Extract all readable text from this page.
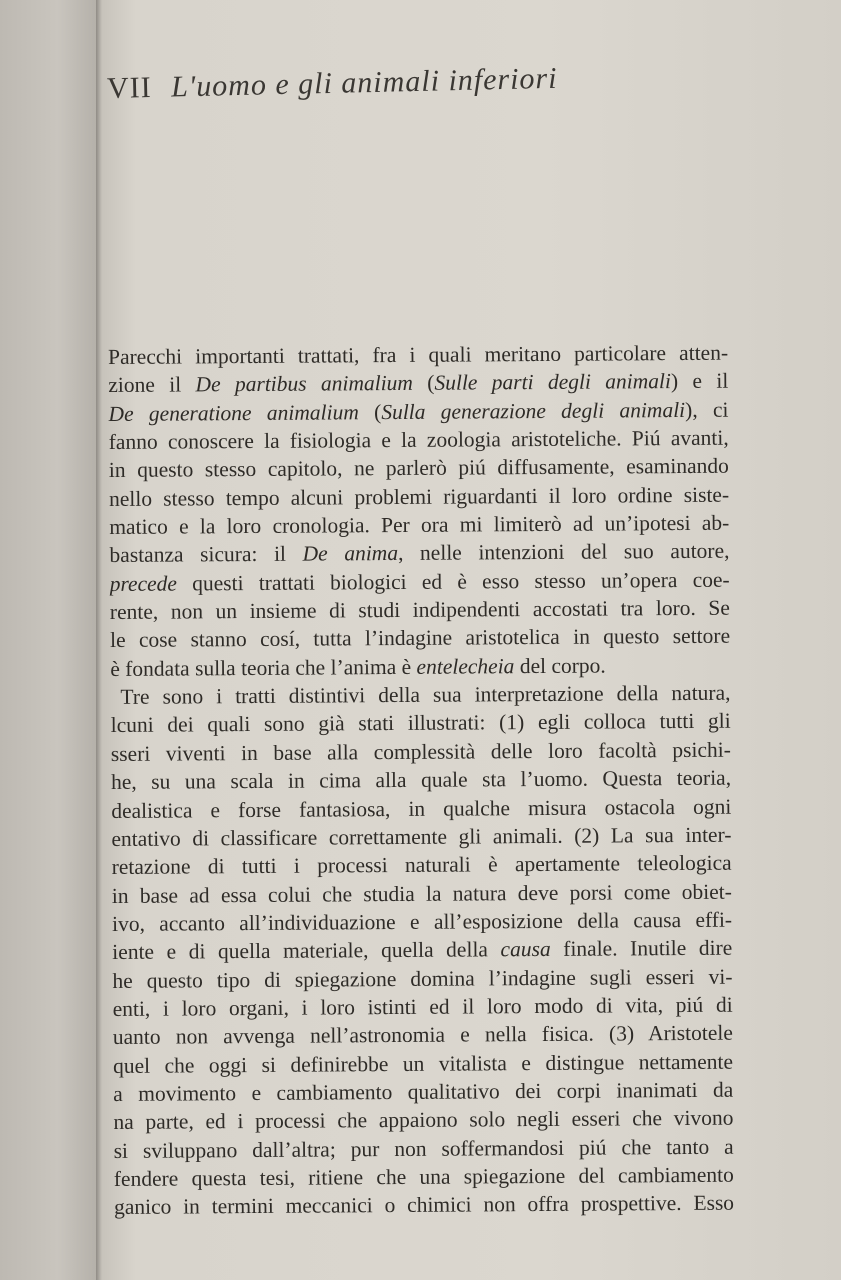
VII L'uomo e gli animali inferiori
Parecchi importanti trattati, fra i quali meritano particolare atten-
zione il De partibus animalium (Sulle parti degli animali) e il
De generatione animalium (Sulla generazione degli animali), ci
fanno conoscere la fisiologia e la zoologia aristoteliche. Piú avanti,
in questo stesso capitolo, ne parlerò piú diffusamente, esaminando
nello stesso tempo alcuni problemi riguardanti il loro ordine siste-
matico e la loro cronologia. Per ora mi limiterò ad un’ipotesi ab-
bastanza sicura: il De anima, nelle intenzioni del suo autore,
precede questi trattati biologici ed è esso stesso un’opera coe-
rente, non un insieme di studi indipendenti accostati tra loro. Se
le cose stanno cosí, tutta l’indagine aristotelica in questo settore
è fondata sulla teoria che l’anima è entelecheia del corpo.
Tre sono i tratti distintivi della sua interpretazione della natura,
lcuni dei quali sono già stati illustrati: (1) egli colloca tutti gli
sseri viventi in base alla complessità delle loro facoltà psichi-
he, su una scala in cima alla quale sta l’uomo. Questa teoria,
dealistica e forse fantasiosa, in qualche misura ostacola ogni
entativo di classificare correttamente gli animali. (2) La sua inter-
retazione di tutti i processi naturali è apertamente teleologica
in base ad essa colui che studia la natura deve porsi come obiet-
ivo, accanto all’individuazione e all’esposizione della causa effi-
iente e di quella materiale, quella della causa finale. Inutile dire
he questo tipo di spiegazione domina l’indagine sugli esseri vi-
enti, i loro organi, i loro istinti ed il loro modo di vita, piú di
uanto non avvenga nell’astronomia e nella fisica. (3) Aristotele
quel che oggi si definirebbe un vitalista e distingue nettamente
a movimento e cambiamento qualitativo dei corpi inanimati da
na parte, ed i processi che appaiono solo negli esseri che vivono
si sviluppano dall’altra; pur non soffermandosi piú che tanto a
fendere questa tesi, ritiene che una spiegazione del cambiamento
ganico in termini meccanici o chimici non offra prospettive. Esso
